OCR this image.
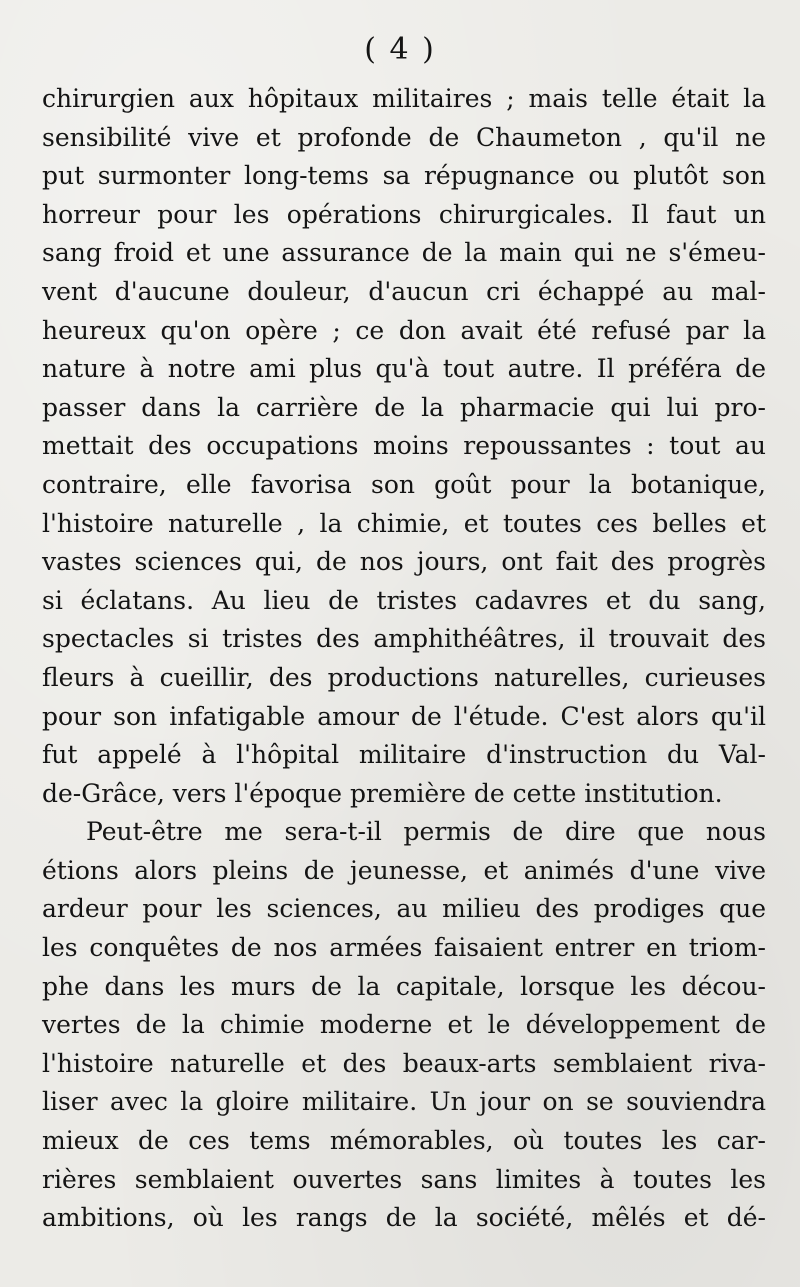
( 4 )
chirurgien aux hôpitaux militaires ; mais telle était la
sensibilité vive et profonde de Chaumeton , qu'il ne
put surmonter long-tems sa répugnance ou plutôt son
horreur pour les opérations chirurgicales. Il faut un
sang froid et une assurance de la main qui ne s'émeu-
vent d'aucune douleur, d'aucun cri échappé au mal-
heureux qu'on opère ; ce don avait été refusé par la
nature à notre ami plus qu'à tout autre. Il préféra de
passer dans la carrière de la pharmacie qui lui pro-
mettait des occupations moins repoussantes : tout au
contraire, elle favorisa son goût pour la botanique,
l'histoire naturelle , la chimie, et toutes ces belles et
vastes sciences qui, de nos jours, ont fait des progrès
si éclatans. Au lieu de tristes cadavres et du sang,
spectacles si tristes des amphithéâtres, il trouvait des
fleurs à cueillir, des productions naturelles, curieuses
pour son infatigable amour de l'étude. C'est alors qu'il
fut appelé à l'hôpital militaire d'instruction du Val-
de-Grâce, vers l'époque première de cette institution.
Peut-être me sera-t-il permis de dire que nous
étions alors pleins de jeunesse, et animés d'une vive
ardeur pour les sciences, au milieu des prodiges que
les conquêtes de nos armées faisaient entrer en triom-
phe dans les murs de la capitale, lorsque les décou-
vertes de la chimie moderne et le développement de
l'histoire naturelle et des beaux-arts semblaient riva-
liser avec la gloire militaire. Un jour on se souviendra
mieux de ces tems mémorables, où toutes les car-
rières semblaient ouvertes sans limites à toutes les
ambitions, où les rangs de la société, mêlés et dé-
